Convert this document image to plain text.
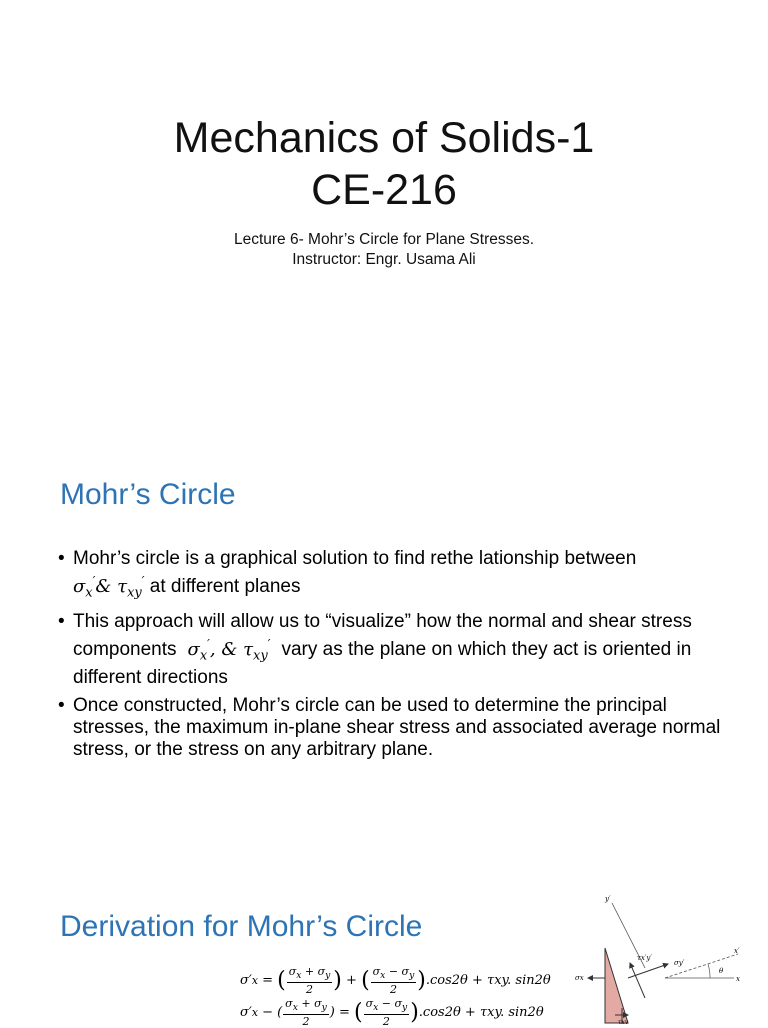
Mechanics of Solids-1
CE-216
Lecture 6- Mohr’s Circle for Plane Stresses.
Instructor: Engr. Usama Ali
Mohr’s Circle
• Mohr’s circle is a graphical solution to find rethe lationship between
$\sigma_x'\&$ $\tau_{xy}'$ at different planes
• This approach will allow us to “visualize” how the normal and shear stress components  $\sigma_x'$, & $\tau_{xy}'$ vary as the plane on which they act is oriented in different directions
• Once constructed, Mohr’s circle can be used to determine the principal stresses, the maximum in-plane shear stress and associated average normal stress, or the stress on any arbitrary plane.
Derivation for Mohr’s Circle
σ′ x = ( $\frac{\sigma_x + \sigma_y}{2}$ ) + ( $\frac{\sigma_x - \sigma_y}{2}$ ) .cos2θ + τxy. sin2θ
σ′ x − ( $\frac{\sigma_x + \sigma_y}{2}$ ) = ( $\frac{\sigma_x - \sigma_y}{2}$ ) .cos2θ + τxy. sin2θ
y′
x′
x
θ
σx
σy′
τx′y′
τxy
